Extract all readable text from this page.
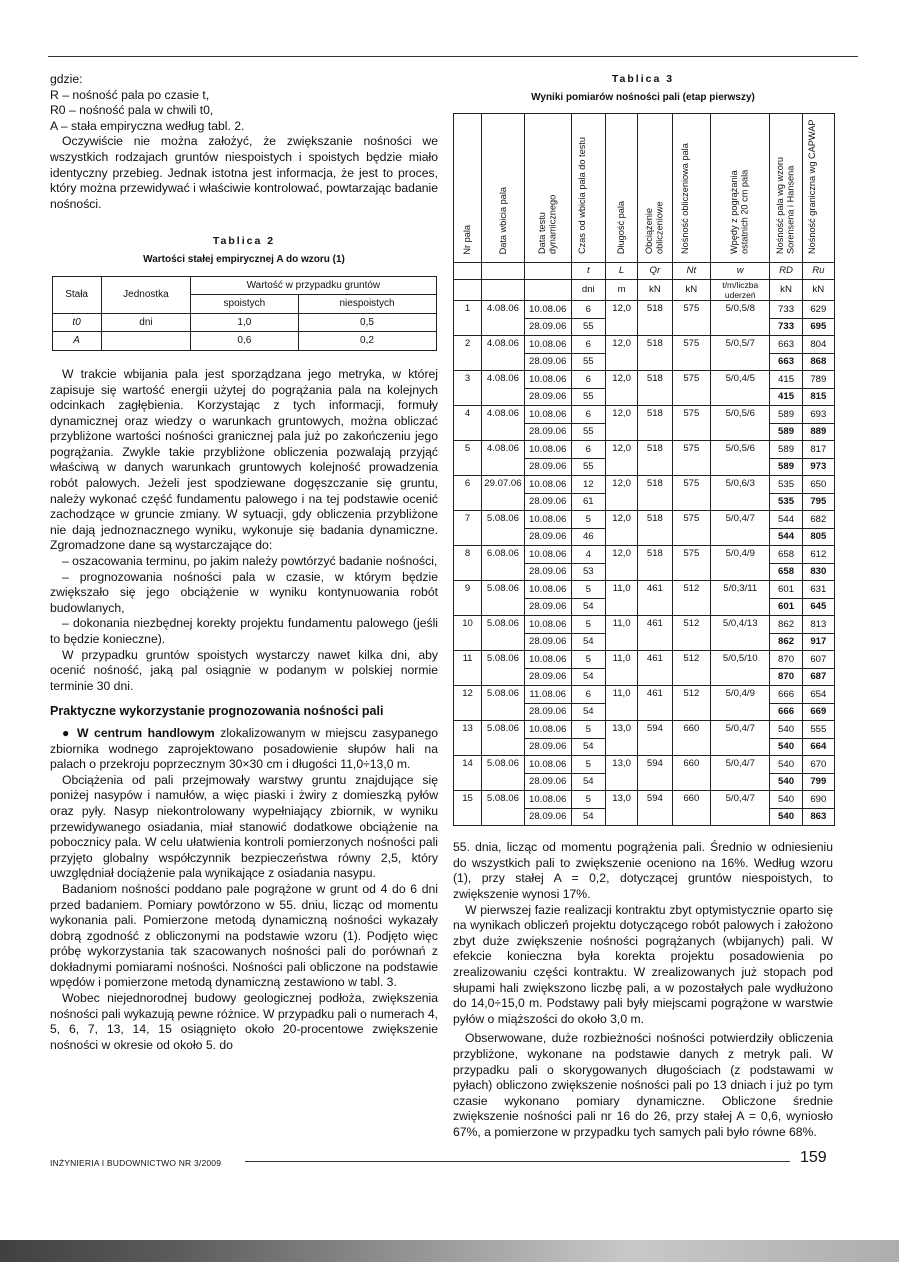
gdzie:

R – nośność pala po czasie t,

R0 – nośność pala w chwili t0,

A – stała empiryczna według tabl. 2.

Oczywiście nie można założyć, że zwiększanie nośności we wszystkich rodzajach gruntów niespoistych i spoistych będzie miało identyczny przebieg. Jednak istotna jest informacja, że jest to proces, który można przewidywać i właściwie kontrolować, powtarzając badanie nośności.

Tablica 2
Wartości stałej empirycznej A do wzoru (1)
Stała	Jednostka	Wartość w przypadku gruntów	
		spoistych	niespoistych
t0	dni	1,0	0,5
A		0,6	0,2

W trakcie wbijania pala jest sporządzana jego metryka, w której zapisuje się wartość energii użytej do pogrążania pala na kolejnych odcinkach zagłębienia. Korzystając z tych informacji, formuły dynamicznej oraz wiedzy o warunkach gruntowych, można obliczać przybliżone wartości nośności granicznej pala już po zakończeniu jego pogrążania. Zwykle takie przybliżone obliczenia pozwalają przyjąć właściwą w danych warunkach gruntowych kolejność prowadzenia robót palowych. Jeżeli jest spodziewane dogęszczanie się gruntu, należy wykonać część fundamentu palowego i na tej podstawie ocenić zachodzące w gruncie zmiany. W sytuacji, gdy obliczenia przybliżone nie dają jednoznacznego wyniku, wykonuje się badania dynamiczne. Zgromadzone dane są wystarczające do:

– oszacowania terminu, po jakim należy powtórzyć badanie nośności,

– prognozowania nośności pala w czasie, w którym będzie zwiększało się jego obciążenie w wyniku kontynuowania robót budowlanych,

– dokonania niezbędnej korekty projektu fundamentu palowego (jeśli to będzie konieczne).

W przypadku gruntów spoistych wystarczy nawet kilka dni, aby ocenić nośność, jaką pal osiągnie w podanym w polskiej normie terminie 30 dni.

Praktyczne wykorzystanie prognozowania nośności pali

● W centrum handlowym zlokalizowanym w miejscu zasypanego zbiornika wodnego zaprojektowano posadowienie słupów hali na palach o przekroju poprzecznym 30×30 cm i długości 11,0÷13,0 m.

Obciążenia od pali przejmowały warstwy gruntu znajdujące się poniżej nasypów i namułów, a więc piaski i żwiry z domieszką pyłów oraz pyły. Nasyp niekontrolowany wypełniający zbiornik, w wyniku przewidywanego osiadania, miał stanowić dodatkowe obciążenie na pobocznicy pala. W celu ułatwienia kontroli pomierzonych nośności pali przyjęto globalny współczynnik bezpieczeństwa równy 2,5, który uwzględniał dociążenie pala wynikające z osiadania nasypu.

Badaniom nośności poddano pale pogrążone w grunt od 4 do 6 dni przed badaniem. Pomiary powtórzono w 55. dniu, licząc od momentu wykonania pali. Pomierzone metodą dynamiczną nośności wykazały dobrą zgodność z obliczonymi na podstawie wzoru (1). Podjęto więc próbę wykorzystania tak szacowanych nośności pali do porównań z dokładnymi pomiarami nośności. Nośności pali obliczone na podstawie wpędów i pomierzone metodą dynamiczną zestawiono w tabl. 3.

Wobec niejednorodnej budowy geologicznej podłoża, zwiększenia nośności pali wykazują pewne różnice. W przypadku pali o numerach 4, 5, 6, 7, 13, 14, 15 osiągnięto około 20-procentowe zwiększenie nośności w okresie od około 5. do

Tablica 3
Wyniki pomiarów nośności pali (etap pierwszy)
Nr pala	Data wbicia pala	Data testu dynamicznego	Czas od wbicia pala do testu	Długość pala	Obciążenie obliczeniowe	Nośność obliczeniowa pala	Wpędy z pogrążania ostatnich 20 cm pala	Nośność pala wg wzoru Sorensena i Hansena	Nośność graniczna wg CAPWAP
			t	L	Qr	Nt	w	RD	Ru
			dni	m	kN	kN	t/m/liczba uderzeń	kN	kN
1	4.08.06	10.08.06	6	12,0	518	575	5/0,5/8	733	629
		28.09.06	55					733	695
2	4.08.06	10.08.06	6	12,0	518	575	5/0,5/7	663	804
		28.09.06	55					663	868
3	4.08.06	10.08.06	6	12,0	518	575	5/0,4/5	415	789
		28.09.06	55					415	815
4	4.08.06	10.08.06	6	12,0	518	575	5/0,5/6	589	693
		28.09.06	55					589	889
5	4.08.06	10.08.06	6	12,0	518	575	5/0,5/6	589	817
		28.09.06	55					589	973
6	29.07.06	10.08.06	12	12,0	518	575	5/0,6/3	535	650
		28.09.06	61					535	795
7	5.08.06	10.08.06	5	12,0	518	575	5/0,4/7	544	682
		28.09.06	46					544	805
8	6.08.06	10.08.06	4	12,0	518	575	5/0,4/9	658	612
		28.09.06	53					658	830
9	5.08.06	10.08.06	5	11,0	461	512	5/0,3/11	601	631
		28.09.06	54					601	645
10	5.08.06	10.08.06	5	11,0	461	512	5/0,4/13	862	813
		28.09.06	54					862	917
11	5.08.06	10.08.06	5	11,0	461	512	5/0,5/10	870	607
		28.09.06	54					870	687
12	5.08.06	11.08.06	6	11,0	461	512	5/0,4/9	666	654
		28.09.06	54					666	669
13	5.08.06	10.08.06	5	13,0	594	660	5/0,4/7	540	555
		28.09.06	54					540	664
14	5.08.06	10.08.06	5	13,0	594	660	5/0,4/7	540	670
		28.09.06	54					540	799
15	5.08.06	10.08.06	5	13,0	594	660	5/0,4/7	540	690
		28.09.06	54					540	863

55. dnia, licząc od momentu pogrążenia pali. Średnio w odniesieniu do wszystkich pali to zwiększenie oceniono na 16%. Według wzoru (1), przy stałej A = 0,2, dotyczącej gruntów niespoistych, to zwiększenie wynosi 17%.

W pierwszej fazie realizacji kontraktu zbyt optymistycznie oparto się na wynikach obliczeń projektu dotyczącego robót palowych i założono zbyt duże zwiększenie nośności pogrążanych (wbijanych) pali. W efekcie konieczna była korekta projektu posadowienia po zrealizowaniu części kontraktu. W zrealizowanych już stopach pod słupami hali zwiększono liczbę pali, a w pozostałych pale wydłużono do 14,0÷15,0 m. Podstawy pali były miejscami pogrążone w warstwie pyłów o miąższości do około 3,0 m.

Obserwowane, duże rozbieżności nośności potwierdziły obliczenia przybliżone, wykonane na podstawie danych z metryk pali. W przypadku pali o skorygowanych długościach (z podstawami w pyłach) obliczono zwiększenie nośności pali po 13 dniach i już po tym czasie wykonano pomiary dynamiczne. Obliczone średnie zwiększenie nośności pali nr 16 do 26, przy stałej A = 0,6, wyniosło 67%, a pomierzone w przypadku tych samych pali było równe 68%.

INŻYNIERIA I BUDOWNICTWO NR 3/2009	159
